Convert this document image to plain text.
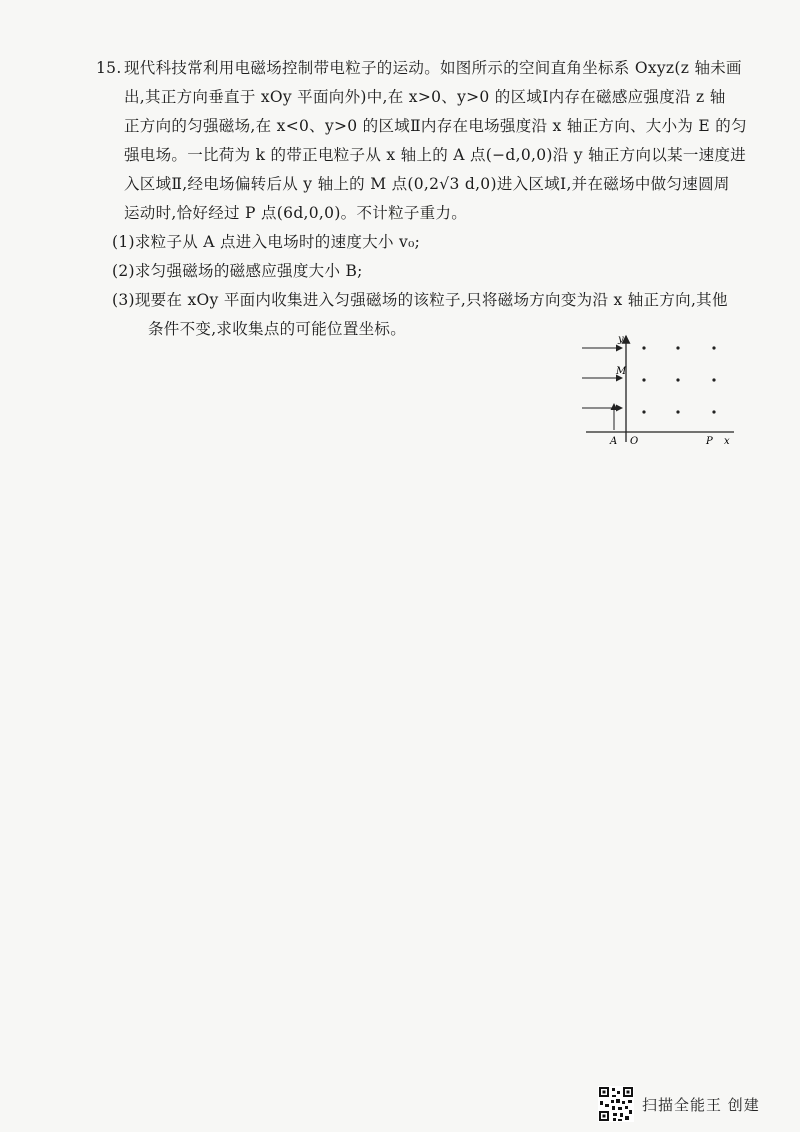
15. 现代科技常利用电磁场控制带电粒子的运动。如图所示的空间直角坐标系 Oxyz(z 轴未画
出,其正方向垂直于 xOy 平面向外)中,在 x>0、y>0 的区域Ⅰ内存在磁感应强度沿 z 轴
正方向的匀强磁场,在 x<0、y>0 的区域Ⅱ内存在电场强度沿 x 轴正方向、大小为 E 的匀
强电场。一比荷为 k 的带正电粒子从 x 轴上的 A 点(−d,0,0)沿 y 轴正方向以某一速度进
入区域Ⅱ,经电场偏转后从 y 轴上的 M 点(0,2√3 d,0)进入区域Ⅰ,并在磁场中做匀速圆周
运动时,恰好经过 P 点(6d,0,0)。不计粒子重力。
(1)求粒子从 A 点进入电场时的速度大小 v₀;
(2)求匀强磁场的磁感应强度大小 B;
(3)现要在 xOy 平面内收集进入匀强磁场的该粒子,只将磁场方向变为沿 x 轴正方向,其他
条件不变,求收集点的可能位置坐标。
y
M
A O	P x
扫描全能王 创建
